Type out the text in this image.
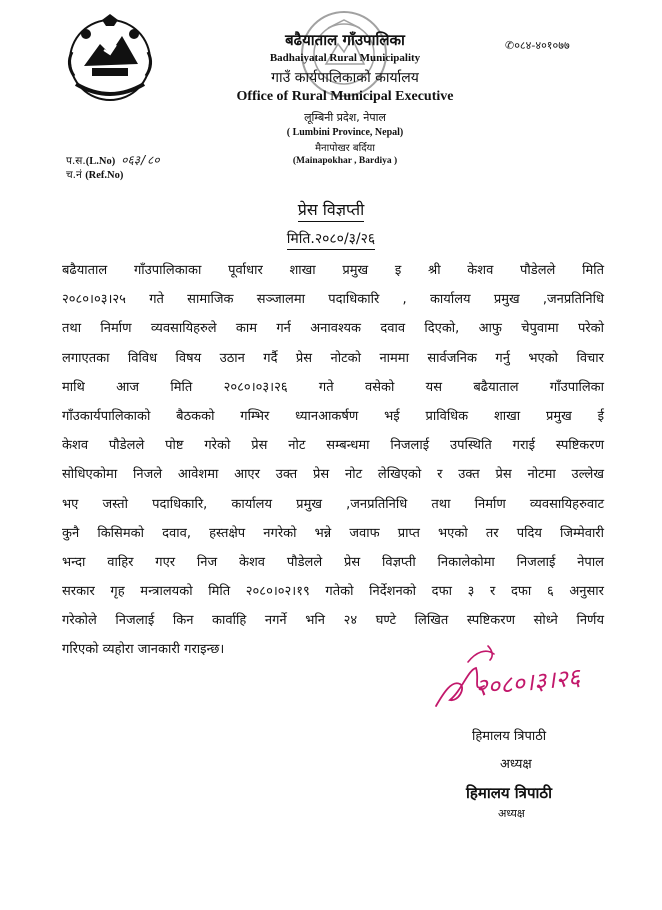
बढैयाताल गाँउपालिका
Badhaiyatal Rural Municipality
गाउँ कार्यपालिकाको कार्यालय
Office of Rural Municipal Executive
लूम्बिनी प्रदेश, नेपाल
( Lumbini Province, Nepal)
मैनापोखर बर्दिया
(Mainapokhar , Bardiya )
✆०८४-४०१०७७
प.स.(L.No) ०६३/८०
च.नं (Ref.No)
प्रेस विज्ञप्ती
मिति.२०८०/३/२६
बढैयाताल गाँउपालिकाका पूर्वाधार शाखा प्रमुख इ श्री केशव पौडेलले मिति
२०८०।०३।२५ गते सामाजिक सञ्जालमा पदाधिकारि , कार्यालय प्रमुख ,जनप्रतिनिधि
तथा निर्माण व्यवसायिहरुले काम गर्न अनावश्यक दवाव दिएको, आफु चेपुवामा परेको
लगाएतका विविध विषय उठान गर्दै प्रेस नोटको नाममा सार्वजनिक गर्नु भएको विचार
माथि आज मिति २०८०।०३।२६ गते वसेको यस बढैयाताल गाँउपालिका
गाँउकार्यपालिकाको बैठकको गम्भिर ध्यानआकर्षण भई प्राविधिक शाखा प्रमुख ई
केशव पौडेलले पोष्ट गरेको प्रेस नोट सम्बन्धमा निजलाई उपस्थिति गराई स्पष्टिकरण
सोधिएकोमा निजले आवेशमा आएर उक्त प्रेस नोट लेखिएको र उक्त प्रेस नोटमा उल्लेख
भए जस्तो पदाधिकारि, कार्यालय प्रमुख ,जनप्रतिनिधि तथा निर्माण व्यवसायिहरुवाट
कुनै किसिमको दवाव, हस्तक्षेप नगरेको भन्ने जवाफ प्राप्त भएको तर पदिय जिम्मेवारी
भन्दा वाहिर गएर निज केशव पौडेलले प्रेस विज्ञप्ती निकालेकोमा निजलाई नेपाल
सरकार गृह मन्त्रालयको मिति २०८०।०२।१९ गतेको निर्देशनको दफा ३ र दफा ६ अनुसार
गरेकोले निजलाई किन कार्वाहि नगर्ने भनि २४ घण्टे लिखित स्पष्टिकरण सोध्ने निर्णय
गरिएको व्यहोरा जानकारी गराइन्छ।
२०८०।३।२६
हिमालय त्रिपाठी
अध्यक्ष
हिमालय त्रिपाठी
अध्यक्ष
